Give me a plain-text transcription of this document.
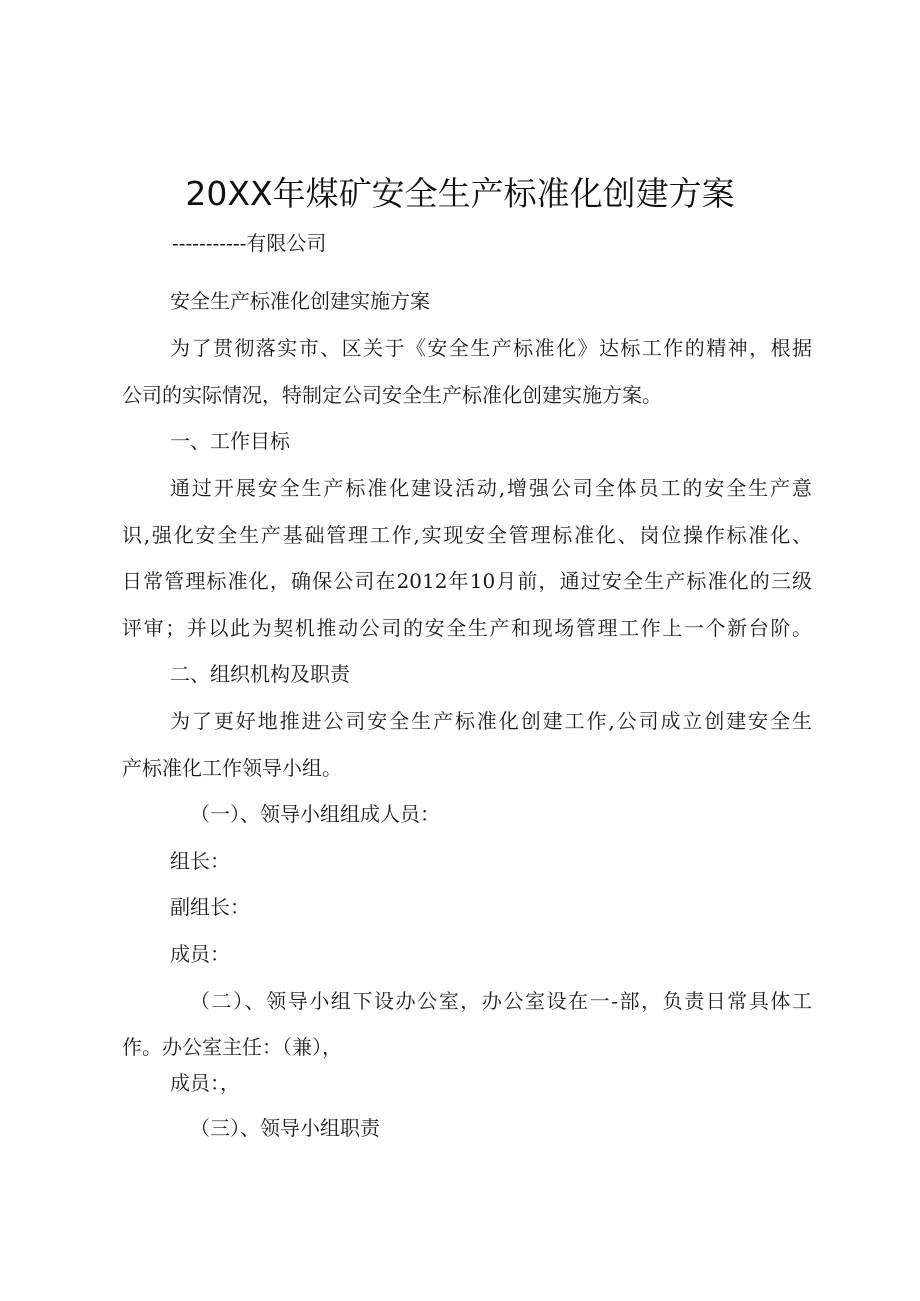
20XX年煤矿安全生产标准化创建方案
-----------有限公司
安全生产标准化创建实施方案
为了贯彻落实市、区关于《安全生产标准化》达标工作的精神，根据
公司的实际情况，特制定公司安全生产标准化创建实施方案。
一、工作目标
通过开展安全生产标准化建设活动,增强公司全体员工的安全生产意
识,强化安全生产基础管理工作,实现安全管理标准化、岗位操作标准化、
日常管理标准化，确保公司在2012年10月前，通过安全生产标准化的三级
评审；并以此为契机推动公司的安全生产和现场管理工作上一个新台阶。
二、组织机构及职责
为了更好地推进公司安全生产标准化创建工作,公司成立创建安全生
产标准化工作领导小组。
（一）、领导小组组成人员：
组长：
副组长：
成员：
（二）、领导小组下设办公室，办公室设在一-部，负责日常具体工
作。办公室主任：（兼），
成员：，
（三）、领导小组职责
